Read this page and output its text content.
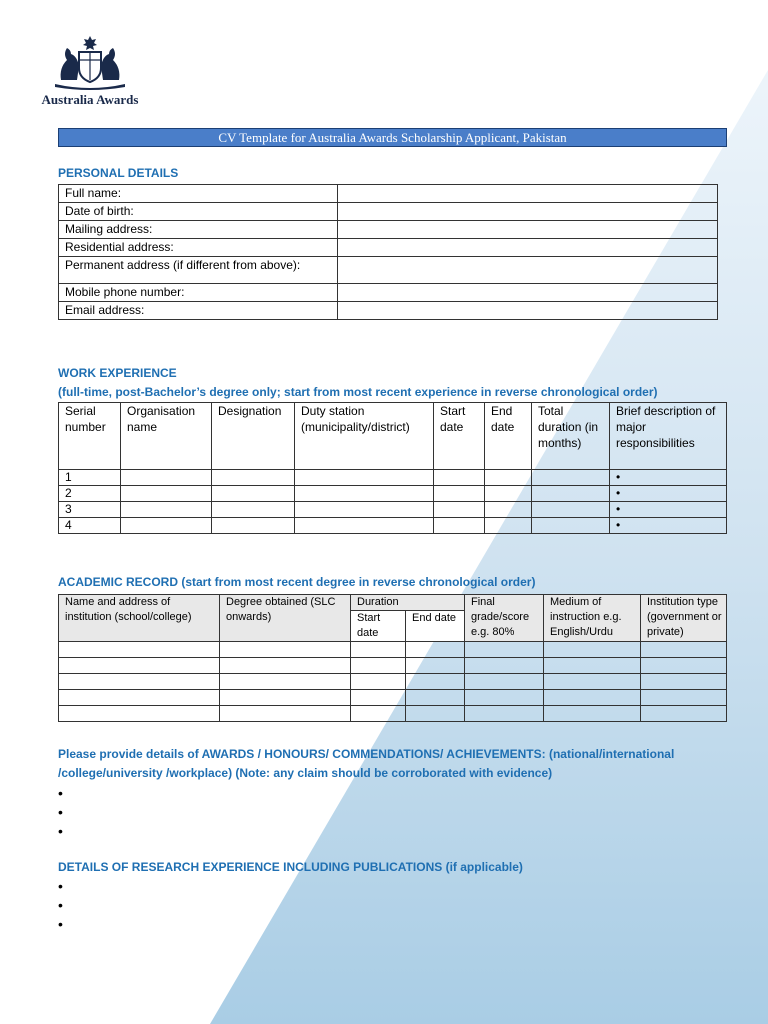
Australia Awards
CV Template for Australia Awards Scholarship Applicant, Pakistan
PERSONAL DETAILS
Full name:	
Date of birth:	
Mailing address:	
Residential address:	
Permanent address (if different from above):	
Mobile phone number:	
Email address:	
WORK EXPERIENCE
(full-time, post-Bachelor’s degree only; start from most recent experience in reverse chronological order)
Serial number	Organisation name	Designation	Duty station (municipality/district)	Start date	End date	Total duration (in months)	Brief description of major responsibilities
1							•
2							•
3							•
4							•
ACADEMIC RECORD (start from most recent degree in reverse chronological order)
Name and address of institution (school/college)	Degree obtained (SLC onwards)	Duration		Final grade/score e.g. 80%	Medium of instruction e.g. English/Urdu	Institution type (government or private)
		Start date	End date			

Please provide details of AWARDS / HONOURS/ COMMENDATIONS/ ACHIEVEMENTS: (national/international /college/university /workplace) (Note: any claim should be corroborated with evidence)
•
•
•
DETAILS OF RESEARCH EXPERIENCE INCLUDING PUBLICATIONS (if applicable)
•
•
•
